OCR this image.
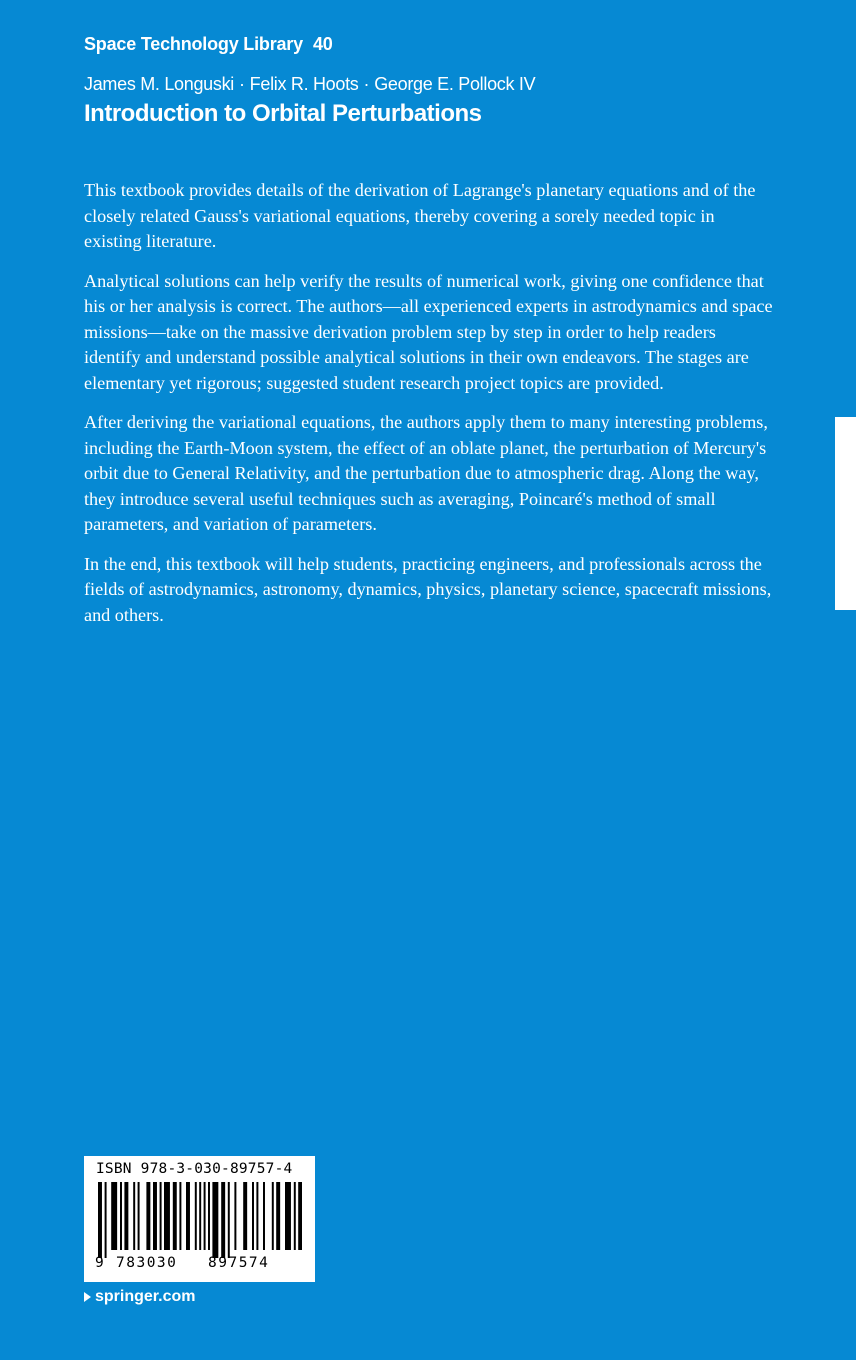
Space Technology Library 40
James M. Longuski · Felix R. Hoots · George E. Pollock IV
Introduction to Orbital Perturbations

This textbook provides details of the derivation of Lagrange's planetary equations and of the closely related Gauss's variational equations, thereby covering a sorely needed topic in existing literature.

Analytical solutions can help verify the results of numerical work, giving one confidence that his or her analysis is correct. The authors—all experienced experts in astrodynamics and space missions—take on the massive derivation problem step by step in order to help readers identify and understand possible analytical solutions in their own endeavors. The stages are elementary yet rigorous; suggested student research project topics are provided.

After deriving the variational equations, the authors apply them to many interesting problems, including the Earth-Moon system, the effect of an oblate planet, the perturbation of Mercury's orbit due to General Relativity, and the perturbation due to atmospheric drag. Along the way, they introduce several useful techniques such as averaging, Poincaré's method of small parameters, and variation of parameters.

In the end, this textbook will help students, practicing engineers, and professionals across the fields of astrodynamics, astronomy, dynamics, physics, planetary science, spacecraft missions, and others.

ISBN 978-3-030-89757-4
9 783030 897574
springer.com
